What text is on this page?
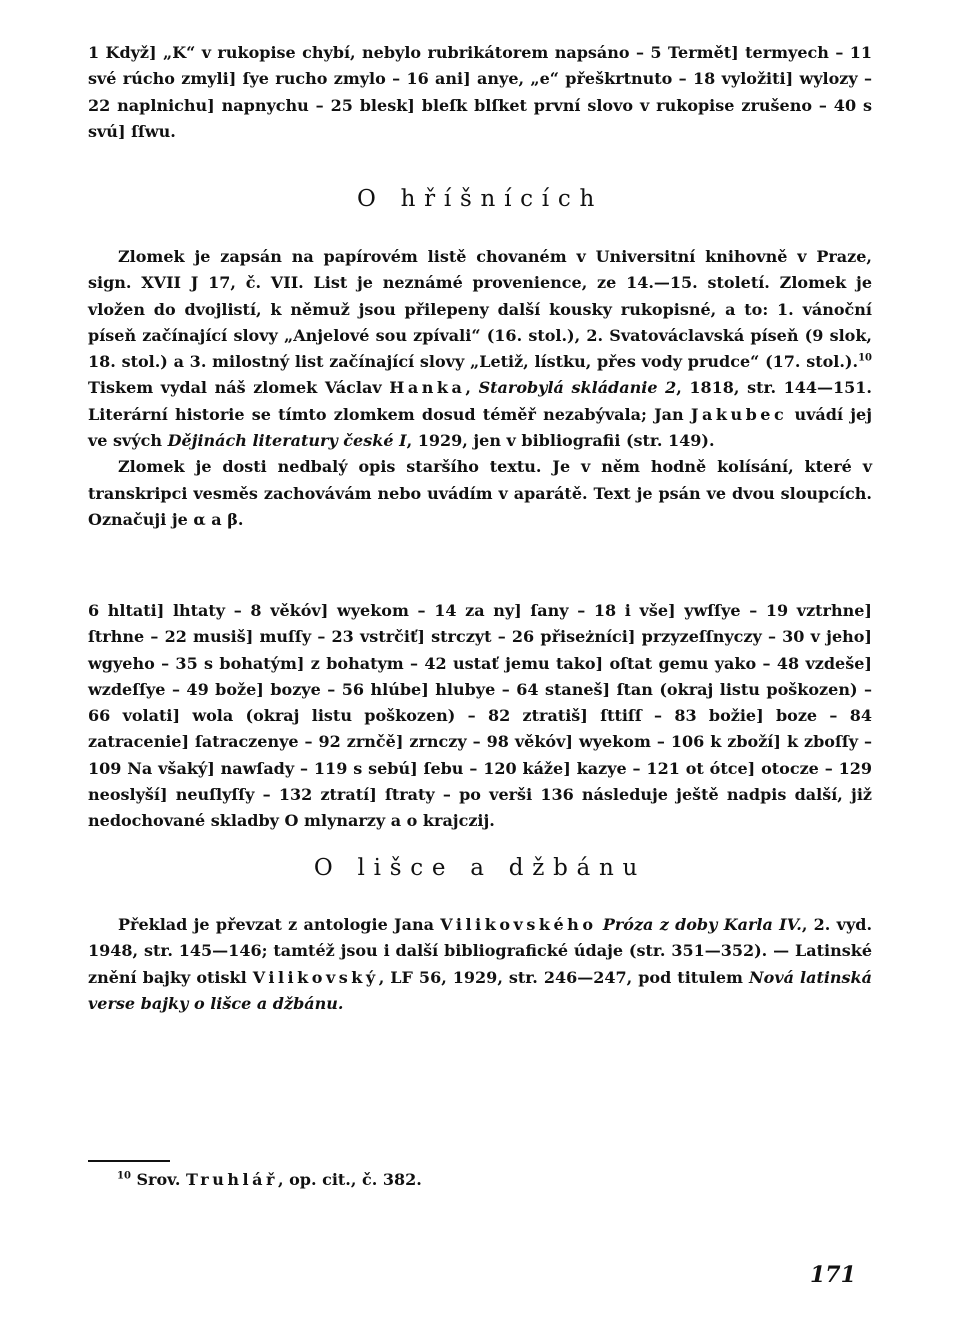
1 Když] „K“ v rukopise chybí, nebylo rubrikátorem napsáno – 5 Termět] termyech – 11 své rúcho zmyli] ſye rucho zmylo – 16 ani] anye, „e“ přeškrtnuto – 18 vyložiti] wylozy – 22 naplnichu] napnychu – 25 blesk] bleſk blſket první slovo v rukopise zrušeno – 40 s svú] ſſwu.

O hříšnících

Zlomek je zapsán na papírovém listě chovaném v Universitní knihovně v Praze, sign. XVII J 17, č. VII. List je neznámé provenience, ze 14.—15. století. Zlomek je vložen do dvojlistí, k němuž jsou přilepeny další kousky rukopisné, a to: 1. vánoční píseň začínající slovy „Anjelové sou zpívali“ (16. stol.), 2. Svatováclavská píseň (9 slok, 18. stol.) a 3. milostný list začínající slovy „Letiž, lístku, přes vody prudce“ (17. stol.).$^{10}$ Tiskem vydal náš zlomek Václav Hanka, Starobylá skládanie 2, 1818, str. 144—151. Literární historie se tímto zlomkem dosud téměř nezabývala; Jan Jakubec uvádí jej ve svých Dějinách literatury české I, 1929, jen v bibliografii (str. 149).

Zlomek je dosti nedbalý opis staršího textu. Je v něm hodně kolísání, které v transkripci vesměs zachovávám nebo uvádím v aparátě. Text je psán ve dvou sloupcích. Označuji je α a β.

6 hltati] lhtaty – 8 věkóv] wyekom – 14 za ny] ſany – 18 i vše] ywſſye – 19 vztrhne] ſtrhne – 22 musiš] muſſy – 23 vstrčiť] strczyt – 26 přiseżníci] przyzeſſnyczy – 30 v jeho] wgyeho – 35 s bohatým] z bohatym – 42 ustať jemu tako] oſtat gemu yako – 48 vzdeše] wzdeſſye – 49 bože] bozye – 56 hlúbe] hlubye – 64 staneš] ſtan (okraj listu poškozen) – 66 volati] wola (okraj listu poškozen) – 82 ztratiš] ſttiſſ – 83 božie] boze – 84 zatracenie] ſatraczenye – 92 zrnčě] zrnczy – 98 věkóv] wyekom – 106 k zboží] k zboſſy – 109 Na všaký] nawſady – 119 s sebú] ſebu – 120 káže] kazye – 121 ot ótce] otocze – 129 neoslyší] neuſlyſſy – 132 ztratí] ſtraty – po verši 136 následuje ještě nadpis další, již nedochované skladby O mlynarzy a o krajczij.

O lišce a džbánu

Překlad je převzat z antologie Jana Vilikovského Próza z doby Karla IV., 2. vyd. 1948, str. 145—146; tamtéž jsou i další bibliografické údaje (str. 351—352). — Latinské znění bajky otiskl Vilikovský, LF 56, 1929, str. 246—247, pod titulem Nová latinská verse bajky o lišce a džbánu.

$^{10}$ Srov. Truhlář, op. cit., č. 382.
171
